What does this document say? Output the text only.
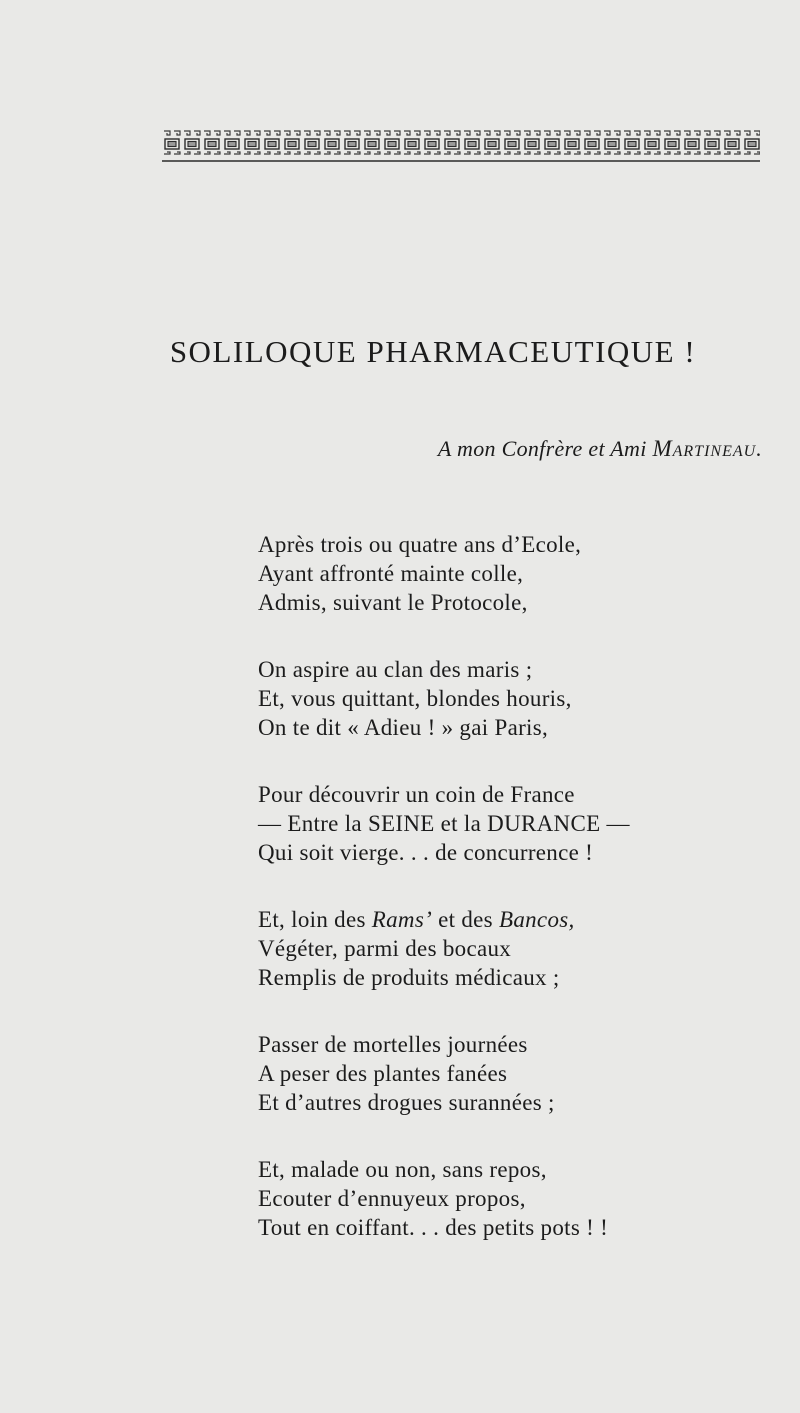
SOLILOQUE PHARMACEUTIQUE !
A mon Confrère et Ami Martineau.
Après trois ou quatre ans d’Ecole,
Ayant affronté mainte colle,
Admis, suivant le Protocole,
On aspire au clan des maris ;
Et, vous quittant, blondes houris,
On te dit « Adieu ! » gai Paris,
Pour découvrir un coin de France
— Entre la SEINE et la DURANCE —
Qui soit vierge. . . de concurrence !
Et, loin des Rams’ et des Bancos,
Végéter, parmi des bocaux
Remplis de produits médicaux ;
Passer de mortelles journées
A peser des plantes fanées
Et d’autres drogues surannées ;
Et, malade ou non, sans repos,
Ecouter d’ennuyeux propos,
Tout en coiffant. . . des petits pots ! !
